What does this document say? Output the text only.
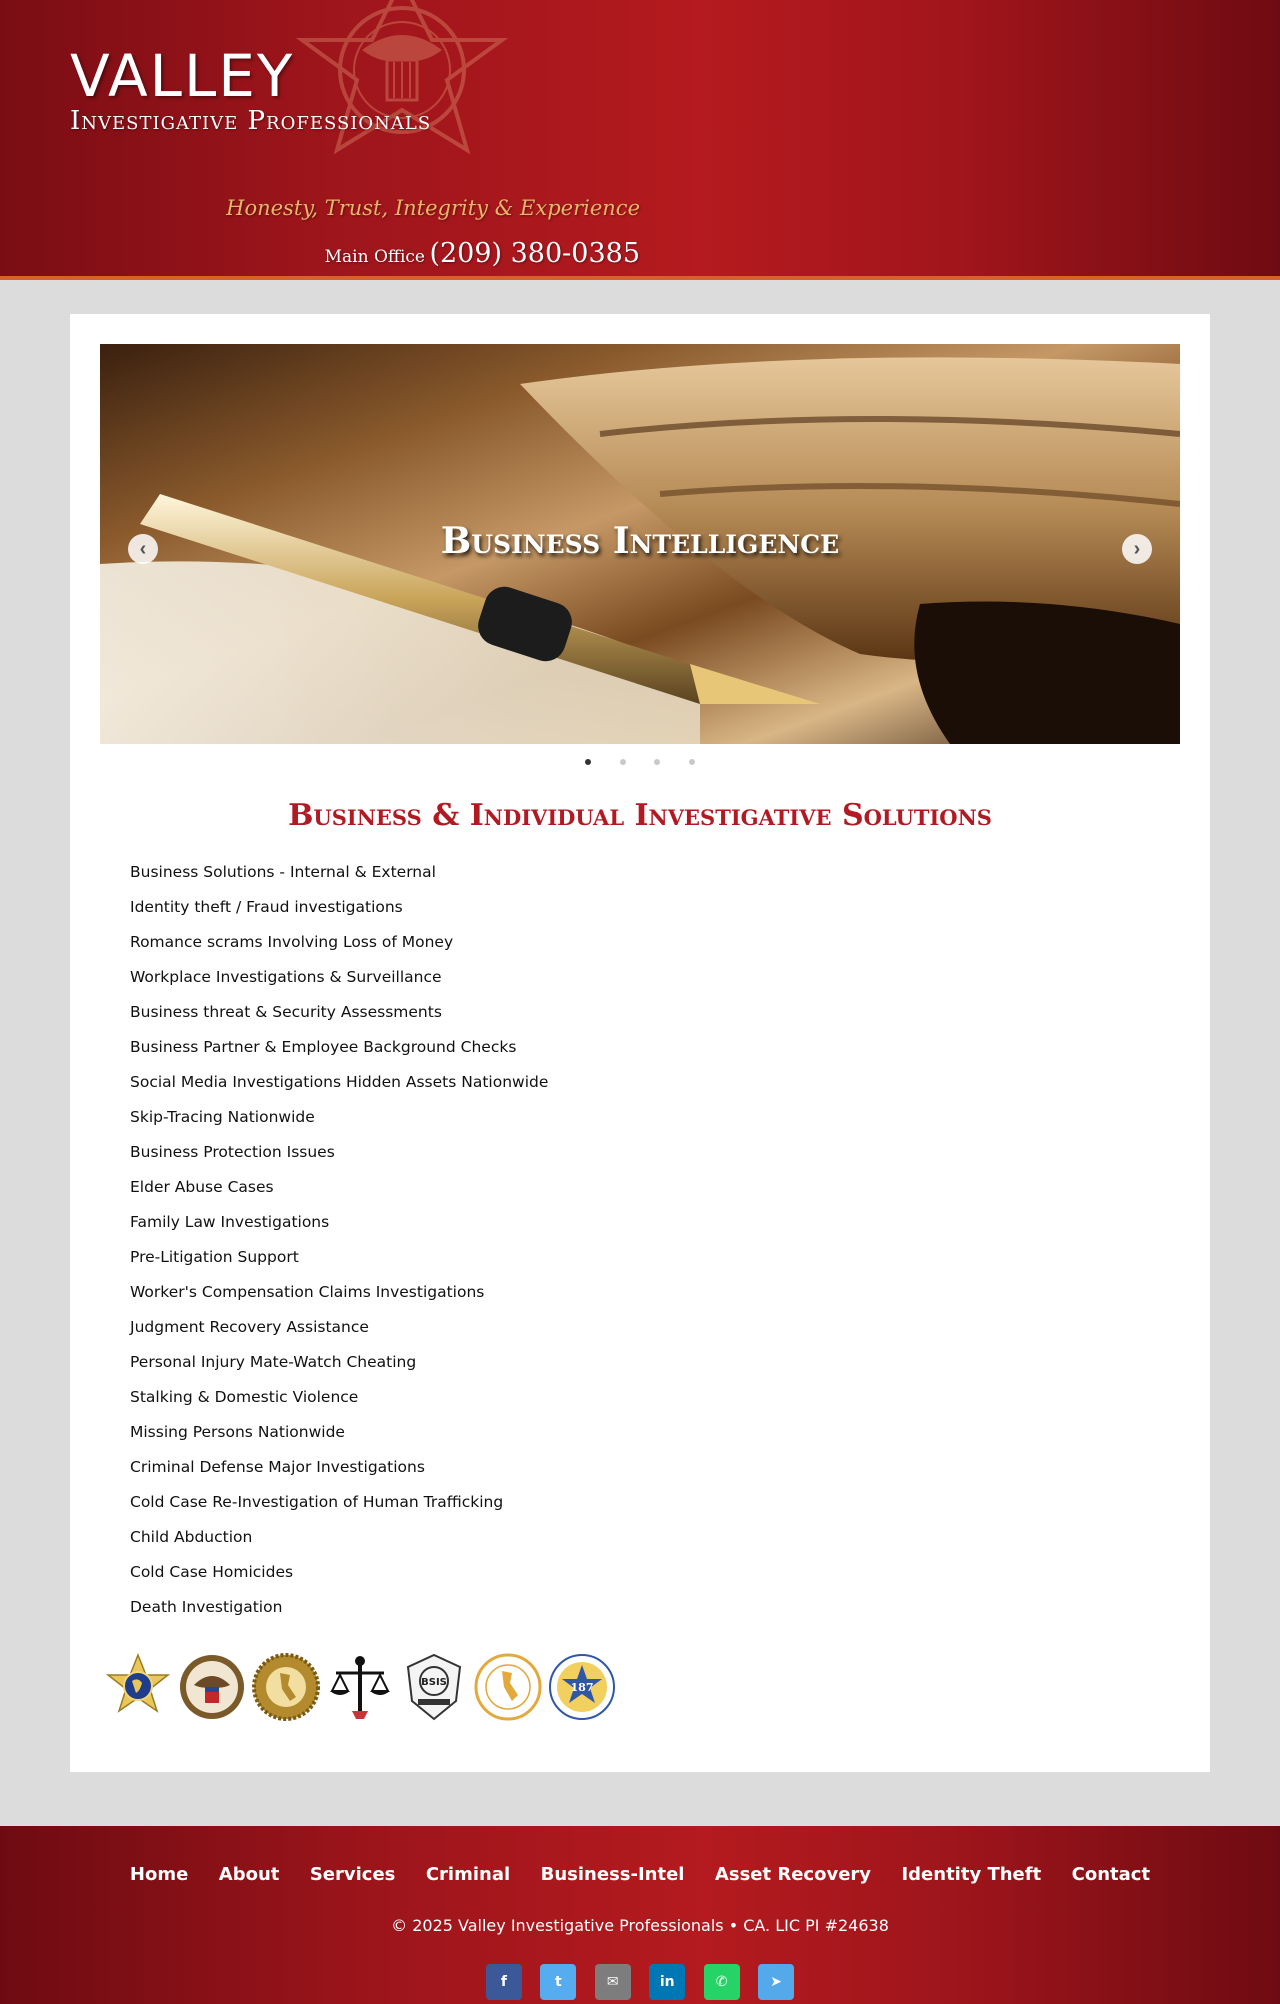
VALLEY
Investigative Professionals
Honesty, Trust, Integrity & Experience
Main Office (209) 380-0385
Business Intelligence
‹	›

Business & Individual Investigative Solutions
Business Solutions - Internal & External
Identity theft / Fraud investigations
Romance scrams Involving Loss of Money
Workplace Investigations & Surveillance
Business threat & Security Assessments
Business Partner & Employee Background Checks
Social Media Investigations Hidden Assets Nationwide
Skip-Tracing Nationwide
Business Protection Issues
Elder Abuse Cases
Family Law Investigations
Pre-Litigation Support
Worker's Compensation Claims Investigations
Judgment Recovery Assistance
Personal Injury Mate-Watch Cheating
Stalking & Domestic Violence
Missing Persons Nationwide
Criminal Defense Major Investigations
Cold Case Re-Investigation of Human Trafficking
Child Abduction
Cold Case Homicides
Death Investigation
BSIS	187
Home About Services Criminal Business-Intel Asset Recovery Identity Theft Contact
© 2025 Valley Investigative Professionals • CA. LIC PI #24638
f	t	✉	in	✆	➤
